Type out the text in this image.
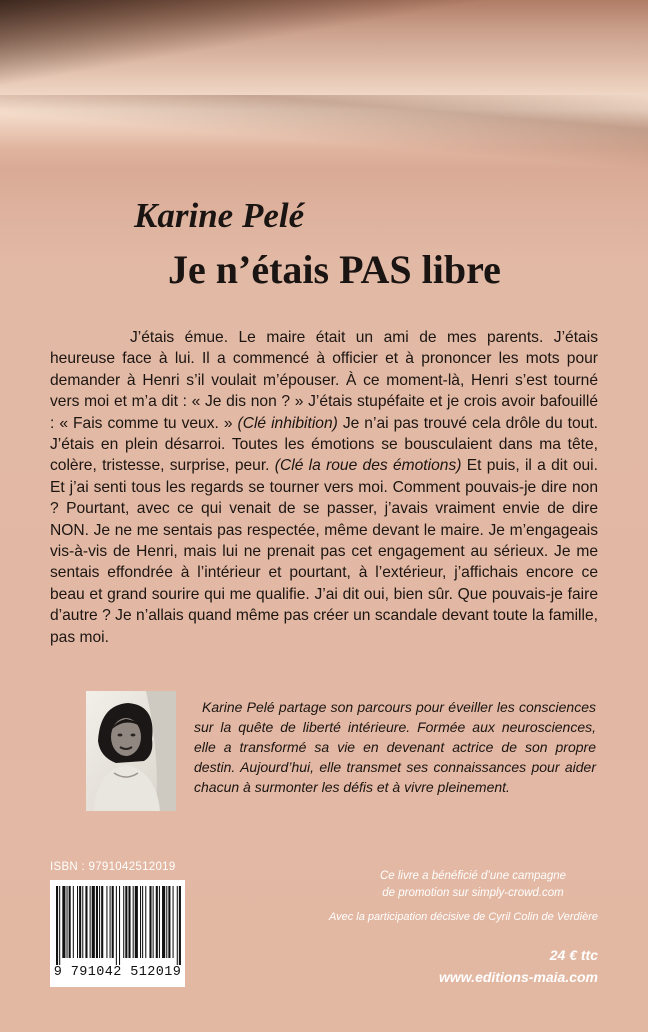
Karine Pelé
Je n’étais PAS libre

J’étais émue. Le maire était un ami de mes parents. J’étais heureuse face à lui. Il a commencé à officier et à prononcer les mots pour demander à Henri s’il voulait m’épouser. À ce moment-là, Henri s’est tourné vers moi et m’a dit : « Je dis non ? » J’étais stupéfaite et je crois avoir bafouillé : « Fais comme tu veux. » (Clé inhibition) Je n’ai pas trouvé cela drôle du tout. J’étais en plein désarroi. Toutes les émotions se bousculaient dans ma tête, colère, tristesse, surprise, peur. (Clé la roue des émotions) Et puis, il a dit oui. Et j’ai senti tous les regards se tourner vers moi. Comment pouvais-je dire non ? Pourtant, avec ce qui venait de se passer, j’avais vraiment envie de dire NON. Je ne me sentais pas respectée, même devant le maire. Je m’engageais vis-à-vis de Henri, mais lui ne prenait pas cet engagement au sérieux. Je me sentais effondrée à l’intérieur et pourtant, à l’extérieur, j’affichais encore ce beau et grand sourire qui me qualifie. J’ai dit oui, bien sûr. Que pouvais-je faire d’autre ? Je n’allais quand même pas créer un scandale devant toute la famille, pas moi.

Karine Pelé partage son parcours pour éveiller les consciences sur la quête de liberté intérieure. Formée aux neurosciences, elle a transformé sa vie en devenant actrice de son propre destin. Aujourd’hui, elle transmet ses connaissances pour aider chacun à surmonter les défis et à vivre pleinement.

ISBN : 9791042512019
9 791042 512019
Ce livre a bénéficié d’une campagne
de promotion sur simply-crowd.com
Avec la participation décisive de Cyril Colin de Verdière
24 € ttc
www.editions-maia.com
